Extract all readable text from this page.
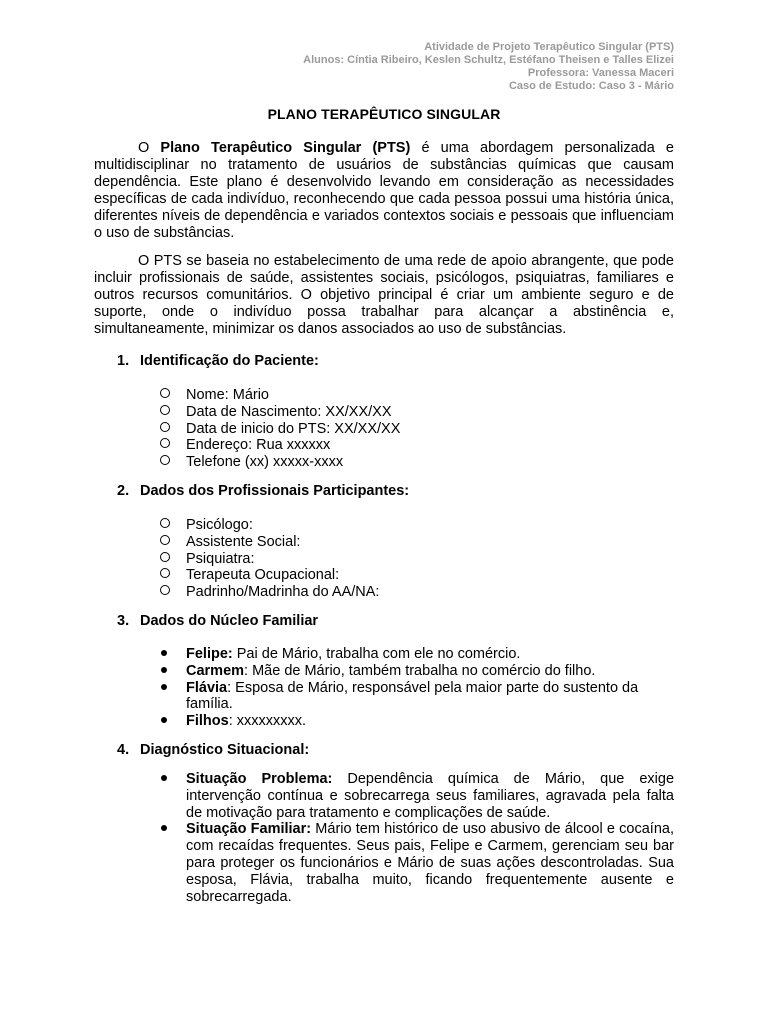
Atividade de Projeto Terapêutico Singular (PTS)
Alunos: Cíntia Ribeiro, Keslen Schultz, Estéfano Theisen e Talles Elizei
Professora: Vanessa Maceri
Caso de Estudo: Caso 3 - Mário
PLANO TERAPÊUTICO SINGULAR
O Plano Terapêutico Singular (PTS) é uma abordagem personalizada e multidisciplinar no tratamento de usuários de substâncias químicas que causam dependência. Este plano é desenvolvido levando em consideração as necessidades específicas de cada indivíduo, reconhecendo que cada pessoa possui uma história única, diferentes níveis de dependência e variados contextos sociais e pessoais que influenciam o uso de substâncias.
O PTS se baseia no estabelecimento de uma rede de apoio abrangente, que pode incluir profissionais de saúde, assistentes sociais, psicólogos, psiquiatras, familiares e outros recursos comunitários. O objetivo principal é criar um ambiente seguro e de suporte, onde o indivíduo possa trabalhar para alcançar a abstinência e, simultaneamente, minimizar os danos associados ao uso de substâncias.
1. Identificação do Paciente:
Nome: Mário
Data de Nascimento: XX/XX/XX
Data de inicio do PTS: XX/XX/XX
Endereço: Rua xxxxxx
Telefone (xx) xxxxx-xxxx
2. Dados dos Profissionais Participantes:
Psicólogo:
Assistente Social:
Psiquiatra:
Terapeuta Ocupacional:
Padrinho/Madrinha do AA/NA:
3. Dados do Núcleo Familiar
Felipe: Pai de Mário, trabalha com ele no comércio.
Carmem: Mãe de Mário, também trabalha no comércio do filho.
Flávia: Esposa de Mário, responsável pela maior parte do sustento da família.
Filhos: xxxxxxxxx.
4. Diagnóstico Situacional:
Situação Problema: Dependência química de Mário, que exige intervenção contínua e sobrecarrega seus familiares, agravada pela falta de motivação para tratamento e complicações de saúde.
Situação Familiar: Mário tem histórico de uso abusivo de álcool e cocaína, com recaídas frequentes. Seus pais, Felipe e Carmem, gerenciam seu bar para proteger os funcionários e Mário de suas ações descontroladas. Sua esposa, Flávia, trabalha muito, ficando frequentemente ausente e sobrecarregada.
